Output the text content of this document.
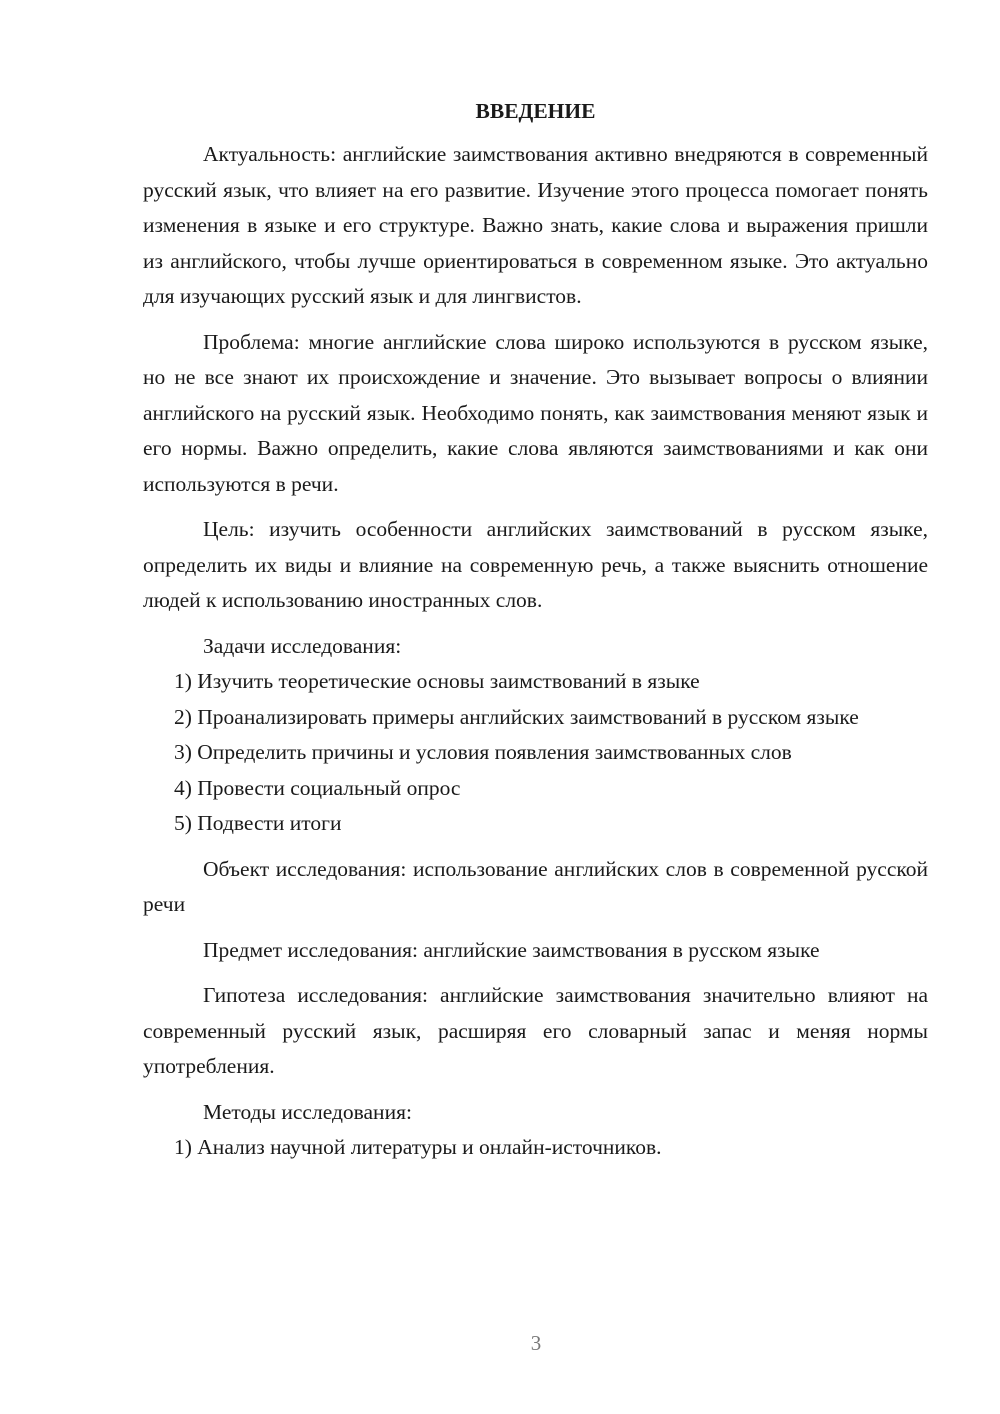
ВВЕДЕНИЕ

Актуальность: английские заимствования активно внедряются в современный русский язык, что влияет на его развитие. Изучение этого процесса помогает понять изменения в языке и его структуре. Важно знать, какие слова и выражения пришли из английского, чтобы лучше ориентироваться в современном языке. Это актуально для изучающих русский язык и для лингвистов.

Проблема: многие английские слова широко используются в русском языке, но не все знают их происхождение и значение. Это вызывает вопросы о влиянии английского на русский язык. Необходимо понять, как заимствования меняют язык и его нормы. Важно определить, какие слова являются заимствованиями и как они используются в речи.

Цель: изучить особенности английских заимствований в русском языке, определить их виды и влияние на современную речь, а также выяснить отношение людей к использованию иностранных слов.

Задачи исследования:

1) Изучить теоретические основы заимствований в языке

2) Проанализировать примеры английских заимствований в русском языке

3) Определить причины и условия появления заимствованных слов

4) Провести социальный опрос

5) Подвести итоги

Объект исследования: использование английских слов в современной русской речи

Предмет исследования: английские заимствования в русском языке

Гипотеза исследования: английские заимствования значительно влияют на современный русский язык, расширяя его словарный запас и меняя нормы употребления.

Методы исследования:

1) Анализ научной литературы и онлайн-источников.

3
